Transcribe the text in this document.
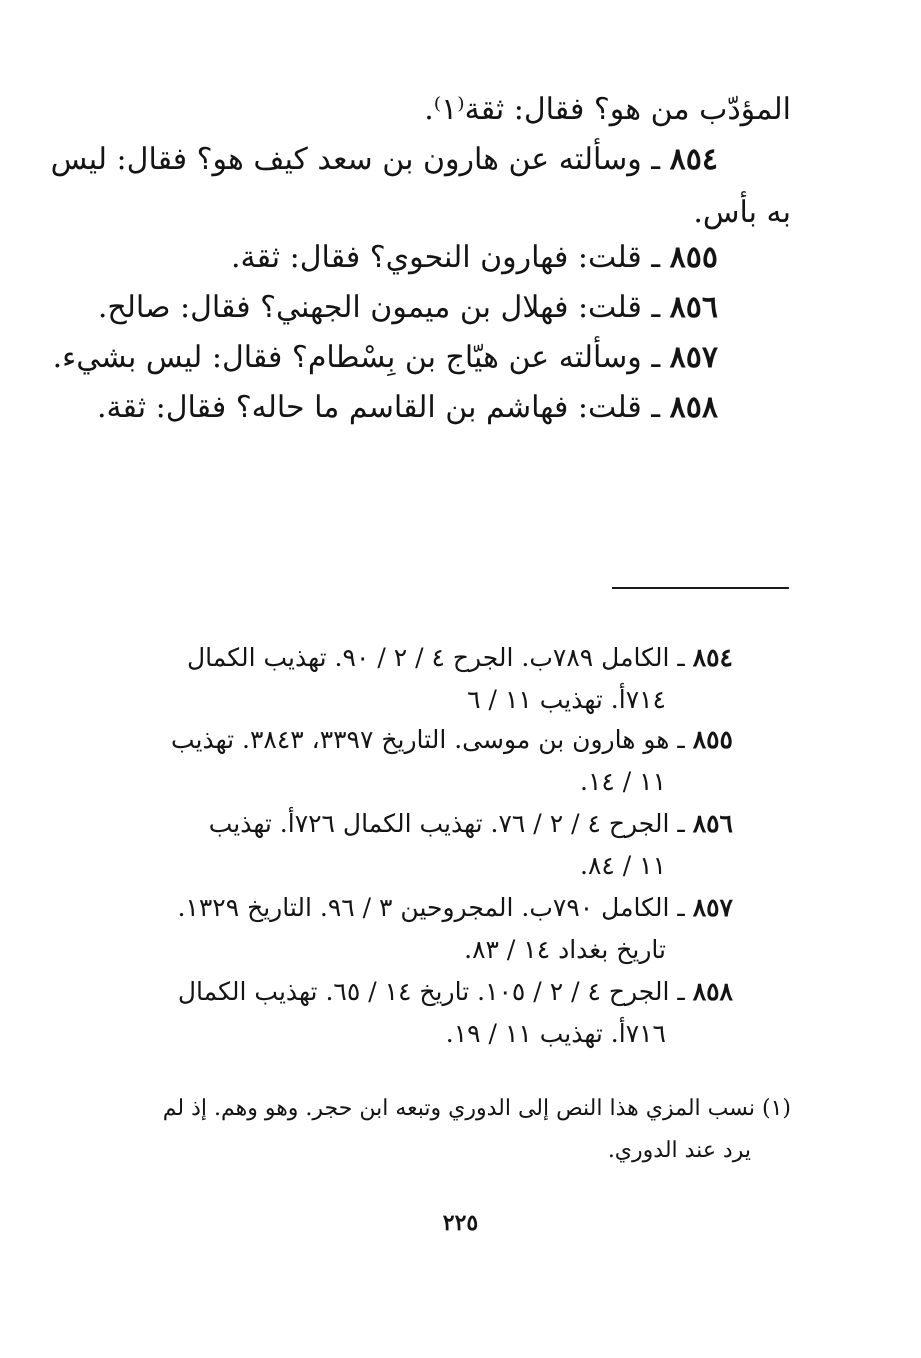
المؤدّب من هو؟ فقال: ثقة⁽١⁾.
٨٥٤ ـ وسألته عن هارون بن سعد كيف هو؟ فقال: ليس
به بأس.
٨٥٥ ـ قلت: فهارون النحوي؟ فقال: ثقة.
٨٥٦ ـ قلت: فهلال بن ميمون الجهني؟ فقال: صالح.
٨٥٧ ـ وسألته عن هيّاج بن بِسْطام؟ فقال: ليس بشيء.
٨٥٨ ـ قلت: فهاشم بن القاسم ما حاله؟ فقال: ثقة.
٨٥٤ ـ الكامل ٧٨٩ب. الجرح ٤ / ٢ / ٩٠. تهذيب الكمال
٧١٤أ. تهذيب ١١ / ٦
٨٥٥ ـ هو هارون بن موسى. التاريخ ٣٣٩٧، ٣٨٤٣. تهذيب
١١ / ١٤.
٨٥٦ ـ الجرح ٤ / ٢ / ٧٦. تهذيب الكمال ٧٢٦أ. تهذيب
١١ / ٨٤.
٨٥٧ ـ الكامل ٧٩٠ب. المجروحين ٣ / ٩٦. التاريخ ١٣٢٩.
تاريخ بغداد ١٤ / ٨٣.
٨٥٨ ـ الجرح ٤ / ٢ / ١٠٥. تاريخ ١٤ / ٦٥. تهذيب الكمال
٧١٦أ. تهذيب ١١ / ١٩.
(١) نسب المزي هذا النص إلى الدوري وتبعه ابن حجر. وهو وهم. إذ لم
يرد عند الدوري.
٢٢٥
